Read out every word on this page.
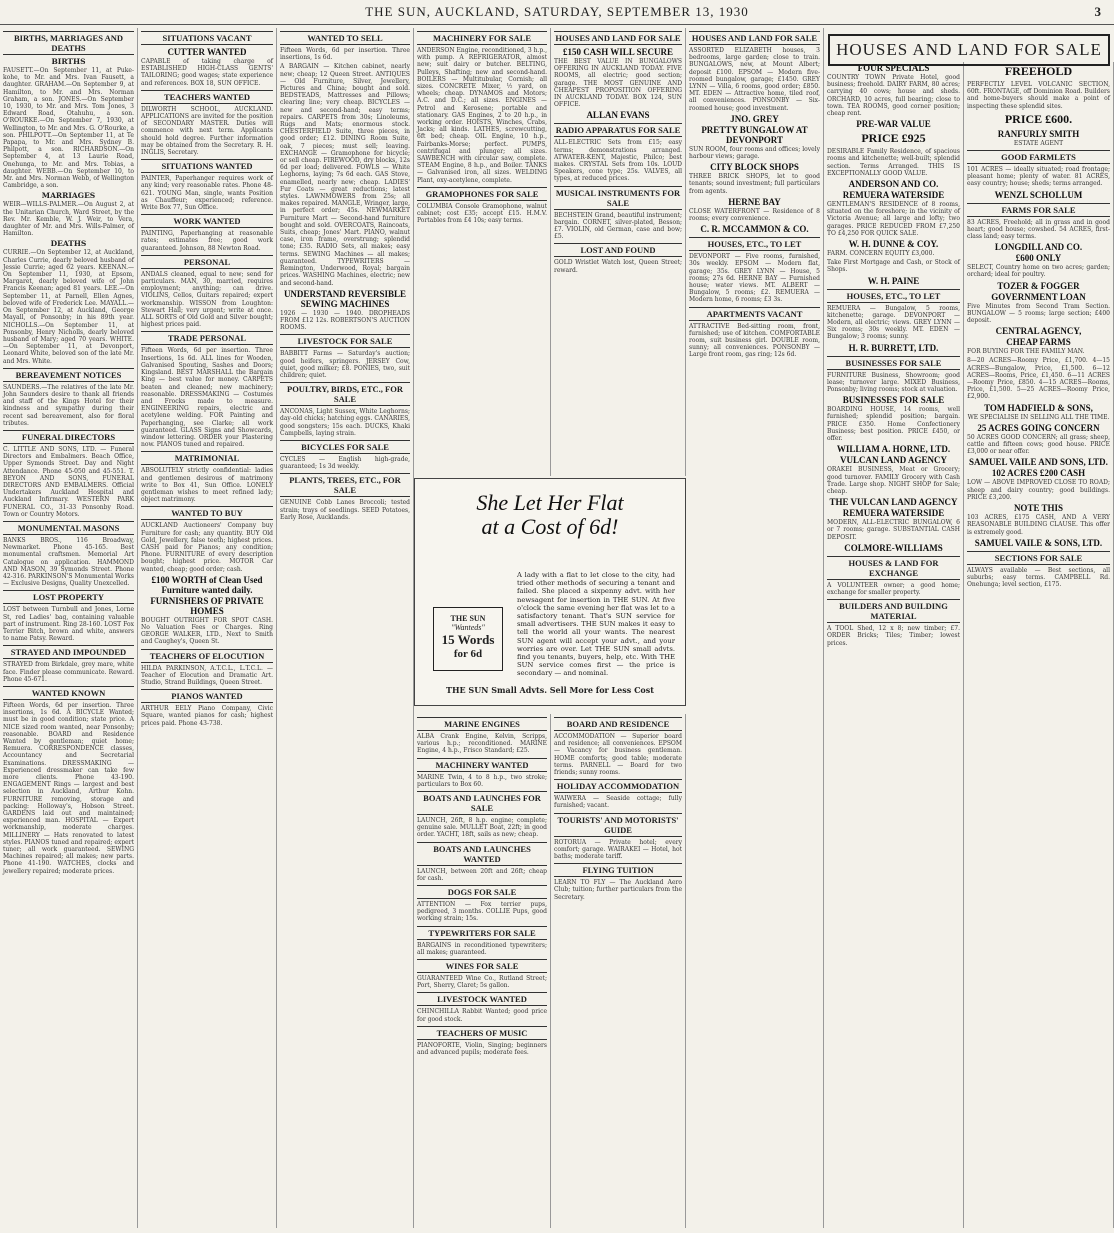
THE SUN, AUCKLAND, SATURDAY, SEPTEMBER 13, 1930	3
BIRTHS, MARRIAGES AND DEATHS
BIRTHS
FAUSETT.—On September 11, at Puke-kohe, to Mr. and Mrs. Ivan Fausett, a daughter. GRAHAM.—On September 9, at Hamilton, to Mr. and Mrs. Norman Graham, a son. JONES.—On September 10, 1930, to Mr. and Mrs. Tom Jones, 3 Edward Road, Otahuhu, a son. O'ROURKE.—On September 7, 1930, at Wellington, to Mr. and Mrs. G. O'Rourke, a son. PHILPOTT.—On September 11, at Te Papapa, to Mr. and Mrs. Sydney B. Philpott, a son. RICHARDSON.—On September 4, at 13 Laurie Road, Onehunga, to Mr. and Mrs. Tobias, a daughter. WEBB.—On September 10, to Mr. and Mrs. Norman Webb, of Wellington Cambridge, a son.
MARRIAGES
WEIR—WILLS-PALMER.—On August 2, at the Unitarian Church, Ward Street, by the Rev. Mr. Kemble, W. J. Weir, to Vera, daughter of Mr. and Mrs. Wills-Palmer, of Hamilton.
DEATHS
CURRIE.—On September 12, at Auckland, Charles Currie, dearly beloved husband of Jessie Currie; aged 62 years. KEENAN.—On September 11, 1930, at Epsom, Margaret, dearly beloved wife of John Francis Keenan; aged 81 years. LEE.—On September 11, at Parnell, Ellen Agnes, beloved wife of Frederick Lee. MAYALL.—On September 12, at Auckland, George Mayall, of Ponsonby; in his 89th year. NICHOLLS.—On September 11, at Ponsonby, Henry Nicholls, dearly beloved husband of Mary; aged 70 years. WHITE.—On September 11, at Devonport, Leonard White, beloved son of the late Mr. and Mrs. White.
BEREAVEMENT NOTICES
SAUNDERS.—The relatives of the late Mr. John Saunders desire to thank all friends and staff of the Kings Hotel for their kindness and sympathy during their recent sad bereavement, also for floral tributes.
FUNERAL DIRECTORS
C. LITTLE AND SONS, LTD. — Funeral Directors and Embalmers. Beach Office, Upper Symonds Street. Day and Night Attendance. Phone 45-050 and 45-551. T. BEYON AND SONS, FUNERAL DIRECTORS AND EMBALMERS. Official Undertakers Auckland Hospital and Auckland Infirmary. WESTERN PARK FUNERAL CO., 31-33 Ponsonby Road. Town or Country Motors.
MONUMENTAL MASONS
BANKS BROS., 116 Broadway, Newmarket. Phone 45-165. Best monumental craftsmen. Memorial Art Catalogue on application. HAMMOND AND MASON, 39 Symonds Street. Phone 42-316. PARKINSON'S Monumental Works — Exclusive Designs, Quality Unexcelled.
LOST PROPERTY
LOST between Turnbull and Jones, Lorne St, red Ladies' bag, containing valuable part of instrument. Ring 28-160. LOST Fox Terrier Bitch, brown and white, answers to name Patsy. Reward.
STRAYED AND IMPOUNDED
STRAYED from Birkdale, grey mare, white face. Finder please communicate. Reward. Phone 45-671.
WANTED KNOWN
Fifteen Words, 6d per insertion. Three insertions, 1s 6d. A BICYCLE Wanted; must be in good condition; state price. A NICE sized room wanted, near Ponsonby; reasonable. BOARD and Residence Wanted by gentleman; quiet home; Remuera. CORRESPONDENCE classes, Accountancy and Secretarial Examinations. DRESSMAKING — Experienced dressmaker can take few more clients. Phone 43-190. ENGAGEMENT Rings — largest and best selection in Auckland, Arthur Kohn. FURNITURE removing, storage and packing: Holloway's, Hobson Street. GARDENS laid out and maintained; experienced man. HOSPITAL — Expert workmanship, moderate charges. MILLINERY — Hats renovated to latest styles. PIANOS tuned and repaired; expert tuner; all work guaranteed. SEWING Machines repaired; all makes; new parts. Phone 41-190. WATCHES, clocks and jewellery repaired; moderate prices.
SITUATIONS VACANT
CUTTER WANTED
CAPABLE of taking charge of ESTABLISHED HIGH-CLASS GENTS' TAILORING; good wages; state experience and references. BOX 18, SUN OFFICE.
TEACHERS WANTED
DILWORTH SCHOOL, AUCKLAND. APPLICATIONS are invited for the position of SECONDARY MASTER. Duties will commence with next term. Applicants should hold degree. Further information may be obtained from the Secretary. R. H. INGLIS, Secretary.
SITUATIONS WANTED
PAINTER, Paperhanger requires work of any kind; very reasonable rates. Phone 48-621. YOUNG Man, single, wants Position as Chauffeur; experienced; reference. Write Box 77, Sun Office.
WORK WANTED
PAINTING, Paperhanging at reasonable rates; estimates free; good work guaranteed. Johnson, 88 Newton Road.
PERSONAL
ANDALS cleaned, equal to new; send for particulars. MAN, 30, married, requires employment; anything; can drive. VIOLINS, Cellos, Guitars repaired; expert workmanship. WISSON from Loughton: Stewart Hall; very urgent; write at once. ALL SORTS of Old Gold and Silver bought; highest prices paid.
TRADE PERSONAL
Fifteen Words, 6d per insertion. Three Insertions, 1s 6d. ALL lines for Wooden, Galvanised Spouting, Sashes and Doors; Kingsland. BEST MARSHALL the Bargain King — best value for money. CARPETS beaten and cleaned; new machinery; reasonable. DRESSMAKING — Costumes and Frocks made to measure. ENGINEERING repairs, electric and acetylene welding. FOR Painting and Paperhanging, see Clarke; all work guaranteed. GLASS Signs and Showcards, window lettering. ORDER your Plastering now. PIANOS tuned and repaired.
MATRIMONIAL
ABSOLUTELY strictly confidential: ladies and gentlemen desirous of matrimony write to Box 41, Sun Office. LONELY gentleman wishes to meet refined lady; object matrimony.
WANTED TO BUY
AUCKLAND Auctioneers' Company buy Furniture for cash; any quantity. BUY Old Gold, Jewellery, false teeth; highest prices. CASH paid for Pianos; any condition; Phone. FURNITURE of every description bought; highest price. MOTOR Car wanted, cheap; good order; cash.
£100 WORTH of Clean Used Furniture wanted daily.
FURNISHERS OF PRIVATE HOMES
BOUGHT OUTRIGHT FOR SPOT CASH. No Valuation Fees or Charges. Ring GEORGE WALKER, LTD., Next to Smith and Caughey's, Queen St.
TEACHERS OF ELOCUTION
HILDA PARKINSON, A.T.C.L., L.T.C.L. — Teacher of Elocution and Dramatic Art. Studio, Strand Buildings, Queen Street.
PIANOS WANTED
ARTHUR EELY Piano Company, Civic Square, wanted pianos for cash; highest prices paid. Phone 43-738.
WANTED TO SELL
Fifteen Words, 6d per insertion. Three insertions, 1s 6d.
A BARGAIN — Kitchen cabinet, nearly new; cheap; 12 Queen Street. ANTIQUES — Old Furniture, Silver, Jewellery, Pictures and China; bought and sold. BEDSTEADS, Mattresses and Pillows; clearing line; very cheap. BICYCLES — new and second-hand; easy terms; repairs. CARPETS from 30s; Linoleums, Rugs and Mats; enormous stock. CHESTERFIELD Suite, three pieces, in good order; £12. DINING Room Suite, oak, 7 pieces; must sell; leaving. EXCHANGE — Gramophone for bicycle; or sell cheap. FIREWOOD, dry blocks, 12s 6d per load; delivered. FOWLS — White Leghorns, laying; 7s 6d each. GAS Stove, enamelled, nearly new; cheap. LADIES' Fur Coats — great reductions; latest styles. LAWNMOWERS from 25s; all makes repaired. MANGLE, Wringer, large, in perfect order; 45s. NEWMARKET Furniture Mart — Second-hand furniture bought and sold. OVERCOATS, Raincoats, Suits, cheap; Jones' Mart. PIANO, walnut case, iron frame, overstrung; splendid tone; £35. RADIO Sets, all makes; easy terms. SEWING Machines — all makes; guaranteed. TYPEWRITERS — Remington, Underwood, Royal; bargain prices. WASHING Machines, electric; new and second-hand.
UNDERSTAND REVERSIBLE SEWING MACHINES
1926 — 1930 — 1940. DROPHEADS FROM £12 12s. ROBERTSON'S AUCTION ROOMS.
LIVESTOCK FOR SALE
BABBITT Farms — Saturday's auction; good heifers, springers. JERSEY Cow, quiet, good milker; £8. PONIES, two, suit children; quiet.
POULTRY, BIRDS, ETC., FOR SALE
ANCONAS, Light Sussex, White Leghorns; day-old chicks; hatching eggs. CANARIES, good songsters; 15s each. DUCKS, Khaki Campbells, laying strain.
BICYCLES FOR SALE
CYCLES — English high-grade, guaranteed; 1s 3d weekly.
PLANTS, TREES, ETC., FOR SALE
GENUINE Cobb Lanes Broccoli; tested strain; trays of seedlings. SEED Potatoes, Early Rose, Aucklands.
MACHINERY FOR SALE
ANDERSON Engine, reconditioned, 3 h.p., with pump. A REFRIGERATOR, almost new; suit dairy or butcher. BELTING, Pulleys, Shafting; new and second-hand. BOILERS — Multitubular, Cornish; all sizes. CONCRETE Mixer, ½ yard, on wheels; cheap. DYNAMOS and Motors; A.C. and D.C.; all sizes. ENGINES — Petrol and Kerosene; portable and stationary. GAS Engines, 2 to 20 h.p., in working order. HOISTS, Winches, Crabs, Jacks; all kinds. LATHES, screwcutting, 6ft bed; cheap. OIL Engine, 10 h.p., Fairbanks-Morse; perfect. PUMPS, centrifugal and plunger; all sizes. SAWBENCH with circular saw, complete. STEAM Engine, 8 h.p., and Boiler. TANKS — Galvanised iron, all sizes. WELDING Plant, oxy-acetylene, complete.
GRAMOPHONES FOR SALE
COLUMBIA Console Gramophone, walnut cabinet; cost £35; accept £15. H.M.V. Portables from £4 10s; easy terms.
HOUSES AND LAND FOR SALE
£150 CASH WILL SECURE
THE BEST VALUE IN BUNGALOWS OFFERING IN AUCKLAND TODAY. FIVE ROOMS, all electric; good section; garage. THE MOST GENUINE AND CHEAPEST PROPOSITION OFFERING IN AUCKLAND TODAY. BOX 124, SUN OFFICE.
ALLAN EVANS
RADIO APPARATUS FOR SALE
ALL-ELECTRIC Sets from £15; easy terms; demonstrations arranged. ATWATER-KENT, Majestic, Philco; best makes. CRYSTAL Sets from 10s. LOUD Speakers, cone type; 25s. VALVES, all types, at reduced prices.
MUSICAL INSTRUMENTS FOR SALE
BECHSTEIN Grand, beautiful instrument; bargain. CORNET, silver-plated, Besson; £7. VIOLIN, old German, case and bow; £5.
LOST AND FOUND
GOLD Wristlet Watch lost, Queen Street; reward.
She Let Her Flat
at a Cost of 6d!
THE SUN
"Wanteds"
15 Words
for 6d
A lady with a flat to let close to the city, had tried other methods of securing a tenant and failed. She placed a sixpenny advt. with her newsagent for insertion in THE SUN. At five o'clock the same evening her flat was let to a satisfactory tenant. That's SUN service for small advertisers. THE SUN makes it easy to tell the world all your wants. The nearest SUN agent will accept your advt., and your worries are over. Let THE SUN small advts. find you tenants, buyers, help, etc. With THE SUN service comes first — the price is secondary — and nominal.
THE SUN Small Advts. Sell More for Less Cost
MARINE ENGINES
ALBA Crank Engine, Kelvin, Scripps, various h.p.; reconditioned. MARINE Engine, 4 h.p., Frisco Standard; £25.
MACHINERY WANTED
MARINE Twin, 4 to 8 h.p., two stroke; particulars to Box 60.
BOATS AND LAUNCHES FOR SALE
LAUNCH, 26ft, 8 h.p. engine; complete; genuine sale. MULLET Boat, 22ft; in good order. YACHT, 18ft, sails as new; cheap.
BOATS AND LAUNCHES WANTED
LAUNCH, between 20ft and 26ft; cheap for cash.
DOGS FOR SALE
ATTENTION — Fox terrier pups, pedigreed, 3 months. COLLIE Pups, good working strain; 15s.
TYPEWRITERS FOR SALE
BARGAINS in reconditioned typewriters; all makes; guaranteed.
WINES FOR SALE
GUARANTEED Wine Co., Rutland Street; Port, Sherry, Claret; 5s gallon.
LIVESTOCK WANTED
CHINCHILLA Rabbit Wanted; good price for good stock.
TEACHERS OF MUSIC
PIANOFORTE, Violin, Singing; beginners and advanced pupils; moderate fees.
BOARD AND RESIDENCE
ACCOMMODATION — Superior board and residence; all conveniences. EPSOM — Vacancy for business gentleman. HOME comforts; good table; moderate terms. PARNELL — Board for two friends; sunny rooms.
HOLIDAY ACCOMMODATION
WAIWERA — Seaside cottage; fully furnished; vacant.
TOURISTS' AND MOTORISTS' GUIDE
ROTORUA — Private hotel; every comfort; garage. WAIRAKEI — Hotel, hot baths; moderate tariff.
FLYING TUITION
LEARN TO FLY — The Auckland Aero Club; tuition; further particulars from the Secretary.
HOUSES AND LAND FOR SALE
ASSORTED ELIZABETH houses, 3 bedrooms, large garden; close to train. BUNGALOWS, new, at Mount Albert; deposit £100. EPSOM — Modern five-roomed bungalow, garage; £1450. GREY LYNN — Villa, 6 rooms, good order; £850. MT. EDEN — Attractive home, tiled roof, all conveniences. PONSONBY — Six-roomed house; good investment.
JNO. GREY
PRETTY BUNGALOW AT DEVONPORT
SUN ROOM, four rooms and offices; lovely harbour views; garage.
CITY BLOCK SHOPS
THREE BRICK SHOPS, let to good tenants; sound investment; full particulars from agents.
HERNE BAY
CLOSE WATERFRONT — Residence of 8 rooms; every convenience.
C. R. MCCAMMON & CO.
HOUSES, ETC., TO LET
DEVONPORT — Five rooms, furnished, 30s weekly. EPSOM — Modern flat, garage; 35s. GREY LYNN — House, 5 rooms; 27s 6d. HERNE BAY — Furnished house; water views. MT. ALBERT — Bungalow, 5 rooms; £2. REMUERA — Modern home, 6 rooms; £3 3s.
APARTMENTS VACANT
ATTRACTIVE Bed-sitting room, front, furnished; use of kitchen. COMFORTABLE room, suit business girl. DOUBLE room, sunny; all conveniences. PONSONBY — Large front room, gas ring; 12s 6d.
FOUR SPECIALS
COUNTRY TOWN Private Hotel, good business; freehold. DAIRY FARM, 80 acres; carrying 40 cows; house and sheds. ORCHARD, 10 acres, full bearing; close to town. TEA ROOMS, good corner position; cheap rent.
PRE-WAR VALUE
PRICE £925
DESIRABLE Family Residence, of spacious rooms and kitchenette; well-built; splendid section. Terms Arranged. THIS IS EXCEPTIONALLY GOOD VALUE.
ANDERSON AND CO.
REMUERA WATERSIDE
GENTLEMAN'S RESIDENCE of 8 rooms, situated on the foreshore; in the vicinity of Victoria Avenue; all large and lofty; two garages. PRICE REDUCED FROM £7,250 TO £4,250 FOR QUICK SALE.
W. H. DUNNE & COY.
FARM. CONCERN EQUITY £3,000.
Take First Mortgage and Cash, or Stock of Shops.
W. H. PAINE
HOUSES, ETC., TO LET
REMUERA — Bungalow, 5 rooms, kitchenette; garage. DEVONPORT — Modern, all electric; views. GREY LYNN — Six rooms; 30s weekly. MT. EDEN — Bungalow; 3 rooms; sunny.
H. R. BURRETT, LTD.
BUSINESSES FOR SALE
FURNITURE Business, Showroom; good lease; turnover large. MIXED Business, Ponsonby; living rooms; stock at valuation.
BUSINESSES FOR SALE
BOARDING HOUSE, 14 rooms, well furnished; splendid position; bargain. PRICE £350. Home Confectionery Business; best position. PRICE £450, or offer.
WILLIAM A. HORNE, LTD.
VULCAN LAND AGENCY
ORAKEI BUSINESS, Meat or Grocery; good turnover. FAMILY Grocery with Cash Trade. Large shop. NIGHT SHOP for Sale; cheap.
THE VULCAN LAND AGENCY
REMUERA WATERSIDE
MODERN, ALL-ELECTRIC BUNGALOW, 6 or 7 rooms; garage. SUBSTANTIAL CASH DEPOSIT.
COLMORE-WILLIAMS
HOUSES & LAND FOR EXCHANGE
A VOLUNTEER owner; a good home; exchange for smaller property.
BUILDERS AND BUILDING MATERIAL
A TOOL Shed, 12 x 8; new timber; £7. ORDER Bricks; Tiles; Timber; lowest prices.
FREEHOLD
PERFECTLY LEVEL VOLCANIC SECTION, 60ft. FRONTAGE, off Dominion Road. Builders and home-buyers should make a point of inspecting these splendid sites.
PRICE £600.
RANFURLY SMITH
ESTATE AGENT
GOOD FARMLETS
101 ACRES — ideally situated; road frontage; pleasant home; plenty of water. 81 ACRES, easy country; house; sheds; terms arranged.
WENZL SCHOLLUM
FARMS FOR SALE
83 ACRES, Freehold; all in grass and in good heart; good house; cowshed. 54 ACRES, first-class land; easy terms.
LONGDILL AND CO.
£600 ONLY
SELECT, Country home on two acres; garden; orchard; ideal for poultry.
TOZER & FOGGER
GOVERNMENT LOAN
Five Minutes from Second Tram Section. BUNGALOW — 5 rooms; large section; £400 deposit.
CENTRAL AGENCY,
CHEAP FARMS
FOR BUYING FOR THE FAMILY MAN.
8—20 ACRES—Roomy Price, £1,700. 4—15 ACRES—Bungalow, Price, £1,500. 6—12 ACRES—Rooms, Price, £1,450. 6—11 ACRES—Roomy Price, £850. 4—15 ACRES—Rooms, Price, £1,500. 5—25 ACRES—Roomy Price, £2,900.
TOM HADFIELD & SONS,
WE SPECIALISE IN SELLING ALL THE TIME.
25 ACRES GOING CONCERN
50 ACRES GOOD CONCERN; all grass; sheep, cattle and fifteen cows; good house. PRICE £3,000 or near offer.
SAMUEL VAILE AND SONS, LTD.
102 ACRES £200 CASH
LOW — ABOVE IMPROVED CLOSE TO ROAD; sheep and dairy country; good buildings. PRICE £3,200.
NOTE THIS
103 ACRES, £175 CASH, AND A VERY REASONABLE BUILDING CLAUSE. This offer is extremely good.
SAMUEL VAILE & SONS, LTD.
SECTIONS FOR SALE
ALWAYS available — Best sections, all suburbs; easy terms. CAMPBELL Rd. Onehunga; level section, £175.
HOUSES AND LAND FOR SALE
